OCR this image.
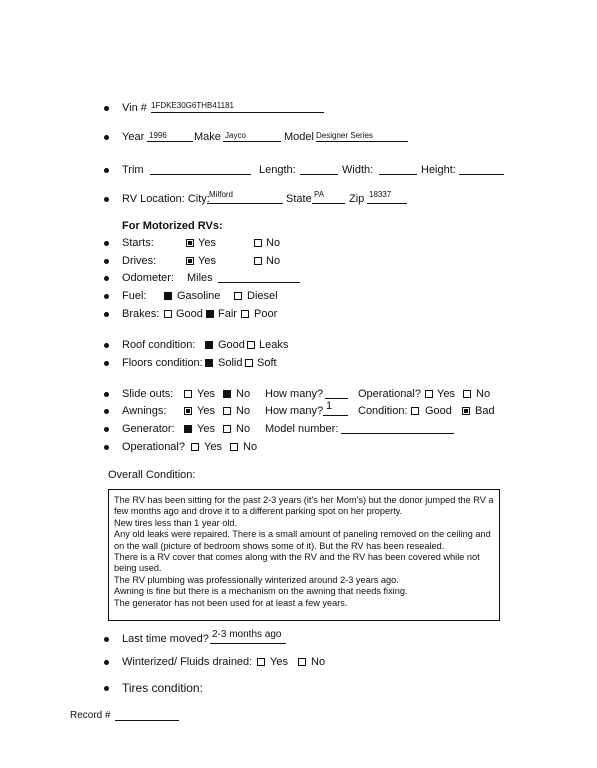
Vin # 1FDKE30G6THB41181
Year 1996 Make Jayco	Model Designer Series
Trim	Length:	Width:	Height:
RV Location: City: Milford	State PA Zip 18337
For Motorized RVs:
Starts:	Yes	No
Drives:	Yes	No
Odometer: Miles
Fuel:	Gasoline Diesel
Brakes: Good Fair Poor
Roof condition: Good Leaks
Floors condition: Solid Soft
Slide outs: Yes No How many?	Operational? Yes No
Awnings:	Yes No How many? 1 Condition: Good Bad
Generator: Yes No Model number:
Operational? Yes No
Overall Condition:

The RV has been sitting for the past 2-3 years (it's her Mom's) but the donor jumped the RV a few months ago and drove it to a different parking spot on her property.

New tires less than 1 year old.

Any old leaks were repaired. There is a small amount of paneling removed on the ceiling and on the wall (picture of bedroom shows some of it). But the RV has been resealed.

There is a RV cover that comes along with the RV and the RV has been covered while not being used.

The RV plumbing was professionally winterized around 2-3 years ago.

Awning is fine but there is a mechanism on the awning that needs fixing.

The generator has not been used for at least a few years.

Last time moved? 2-3 months ago
Winterized/ Fluids drained: Yes No
Tires condition:
Record #
